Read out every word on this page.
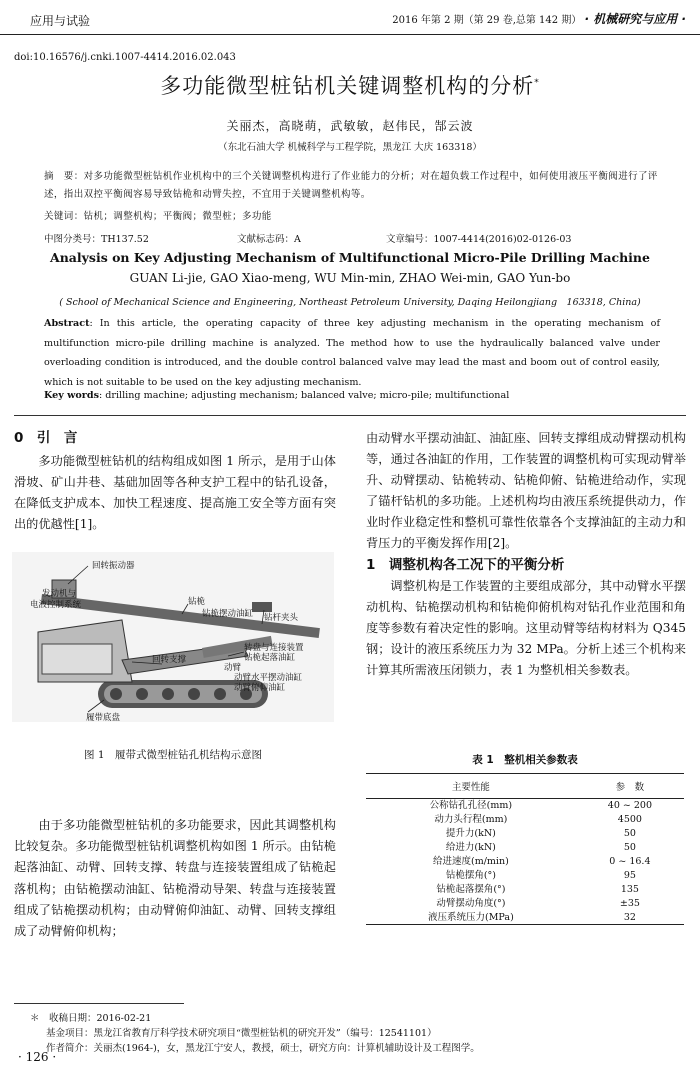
应用与试验	2016 年第 2 期（第 29 卷,总第 142 期） · 机械研究与应用 ·
doi:10.16576/j.cnki.1007-4414.2016.02.043
多功能微型桩钻机关键调整机构的分析*
关丽杰，高晓萌，武敏敏，赵伟民，郜云波
（东北石油大学 机械科学与工程学院，黑龙江 大庆 163318）
摘　要：对多功能微型桩钻机作业机构中的三个关键调整机构进行了作业能力的分析；对在超负载工作过程中，如何使用液压平衡阀进行了评述，指出双控平衡阀容易导致钻桅和动臂失控，不宜用于关键调整机构等。
关键词：钻机；调整机构；平衡阀；微型桩；多功能
中图分类号：TH137.52	文献标志码：A	文章编号：1007-4414(2016)02-0126-03
Analysis on Key Adjusting Mechanism of Multifunctional Micro-Pile Drilling Machine
GUAN Li-jie, GAO Xiao-meng, WU Min-min, ZHAO Wei-min, GAO Yun-bo
( School of Mechanical Science and Engineering, Northeast Petroleum University, Daqing Heilongjiang　163318, China)
Abstract: In this article, the operating capacity of three key adjusting mechanism in the operating mechanism of multifunction micro-pile drilling machine is analyzed. The method how to use the hydraulically balanced valve under overloading condition is introduced, and the double control balanced valve may lead the mast and boom out of control easily, which is not suitable to be used on the key adjusting mechanism.
Key words: drilling machine; adjusting mechanism; balanced valve; micro-pile; multifunctional

0　引　言

多功能微型桩钻机的结构组成如图 1 所示，是用于山体滑坡、矿山井巷、基础加固等各种支护工程中的钻孔设备，在降低支护成本、加快工程速度、提高施工安全等方面有突出的优越性[1]。

回转振动器
发动机与
电液控制系统	钻桅
钻桅摆动油缸 钻杆夹头
回转支撑
转盘与连接装置
钻桅起落油缸
动臂
动臂水平摆动油缸
动臂俯仰油缸
履带底盘
图 1　履带式微型桩钻孔机结构示意图

由于多功能微型桩钻机的多功能要求，因此其调整机构比较复杂。多功能微型桩钻机调整机构如图 1 所示。由钻桅起落油缸、动臂、回转支撑、转盘与连接装置组成了钻桅起落机构；由钻桅摆动油缸、钻桅滑动导架、转盘与连接装置组成了钻桅摆动机构；由动臂俯仰油缸、动臂、回转支撑组成了动臂俯仰机构；

由动臂水平摆动油缸、油缸座、回转支撑组成动臂摆动机构等，通过各油缸的作用，工作装置的调整机构可实现动臂举升、动臂摆动、钻桅转动、钻桅仰俯、钻桅进给动作，实现了锚杆钻机的多功能。上述机构均由液压系统提供动力，作业时作业稳定性和整机可靠性依靠各个支撑油缸的主动力和背压力的平衡发挥作用[2]。

1　调整机构各工况下的平衡分析

调整机构是工作装置的主要组成部分，其中动臂水平摆动机构、钻桅摆动机构和钻桅仰俯机构对钻孔作业范围和角度等参数有着决定性的影响。这里动臂等结构材料为 Q345 钢；设计的液压系统压力为 32 MPa。分析上述三个机构来计算其所需液压闭锁力，表 1 为整机相关参数表。

表 1　整机相关参数表
主要性能	参　数
公称钻孔孔径(mm)	40 ~ 200
动力头行程(mm)	4500
提升力(kN)	50
给进力(kN)	50
给进速度(m/min)	0 ~ 16.4
钻桅摆角(°)	95
钻桅起落摆角(°)	135
动臂摆动角度(°)	±35
液压系统压力(MPa)	32
＊　收稿日期：2016-02-21
基金项目：黑龙江省教育厅科学技术研究项目“微型桩钻机的研究开发”（编号：12541101）
作者简介：关丽杰(1964-)，女，黑龙江宁安人，教授，硕士，研究方向：计算机辅助设计及工程图学。
· 126 ·
